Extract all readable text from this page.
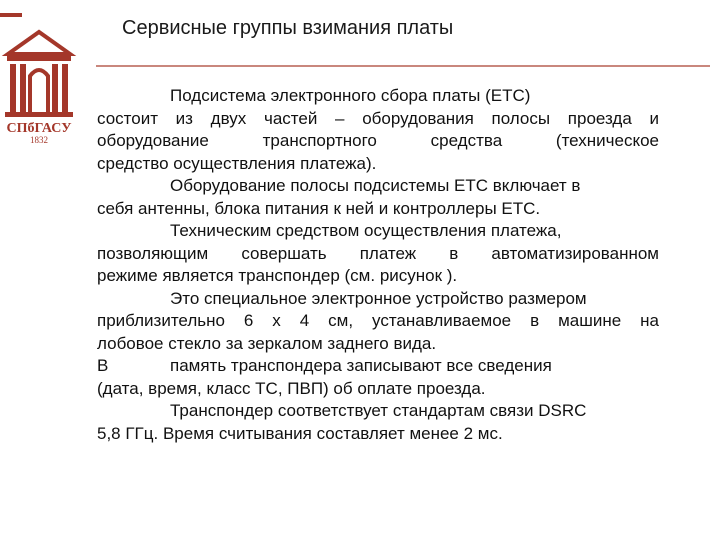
СПбГАСУ
1832
Сервисные группы взимания платы

Подсистема электронного сбора платы (ETC)
состоит из двух частей – оборудования полосы проезда и
оборудование транспортного средства (техническое
средство осуществления платежа).

Оборудование полосы подсистемы ETC включает в
себя антенны, блока питания к ней и контроллеры ETC.

Техническим средством осуществления платежа,
позволяющим совершать платеж в автоматизированном
режиме является транспондер (см. рисунок ).

Это специальное электронное устройство размером
приблизительно 6 х 4 см, устанавливаемое в машине на
лобовое стекло за зеркалом заднего вида.

В	память транспондера записывают все сведения
(дата, время, класс ТС, ПВП) об оплате проезда.

Транспондер соответствует стандартам связи DSRC
5,8 ГГц. Время считывания составляет менее 2 мс.
